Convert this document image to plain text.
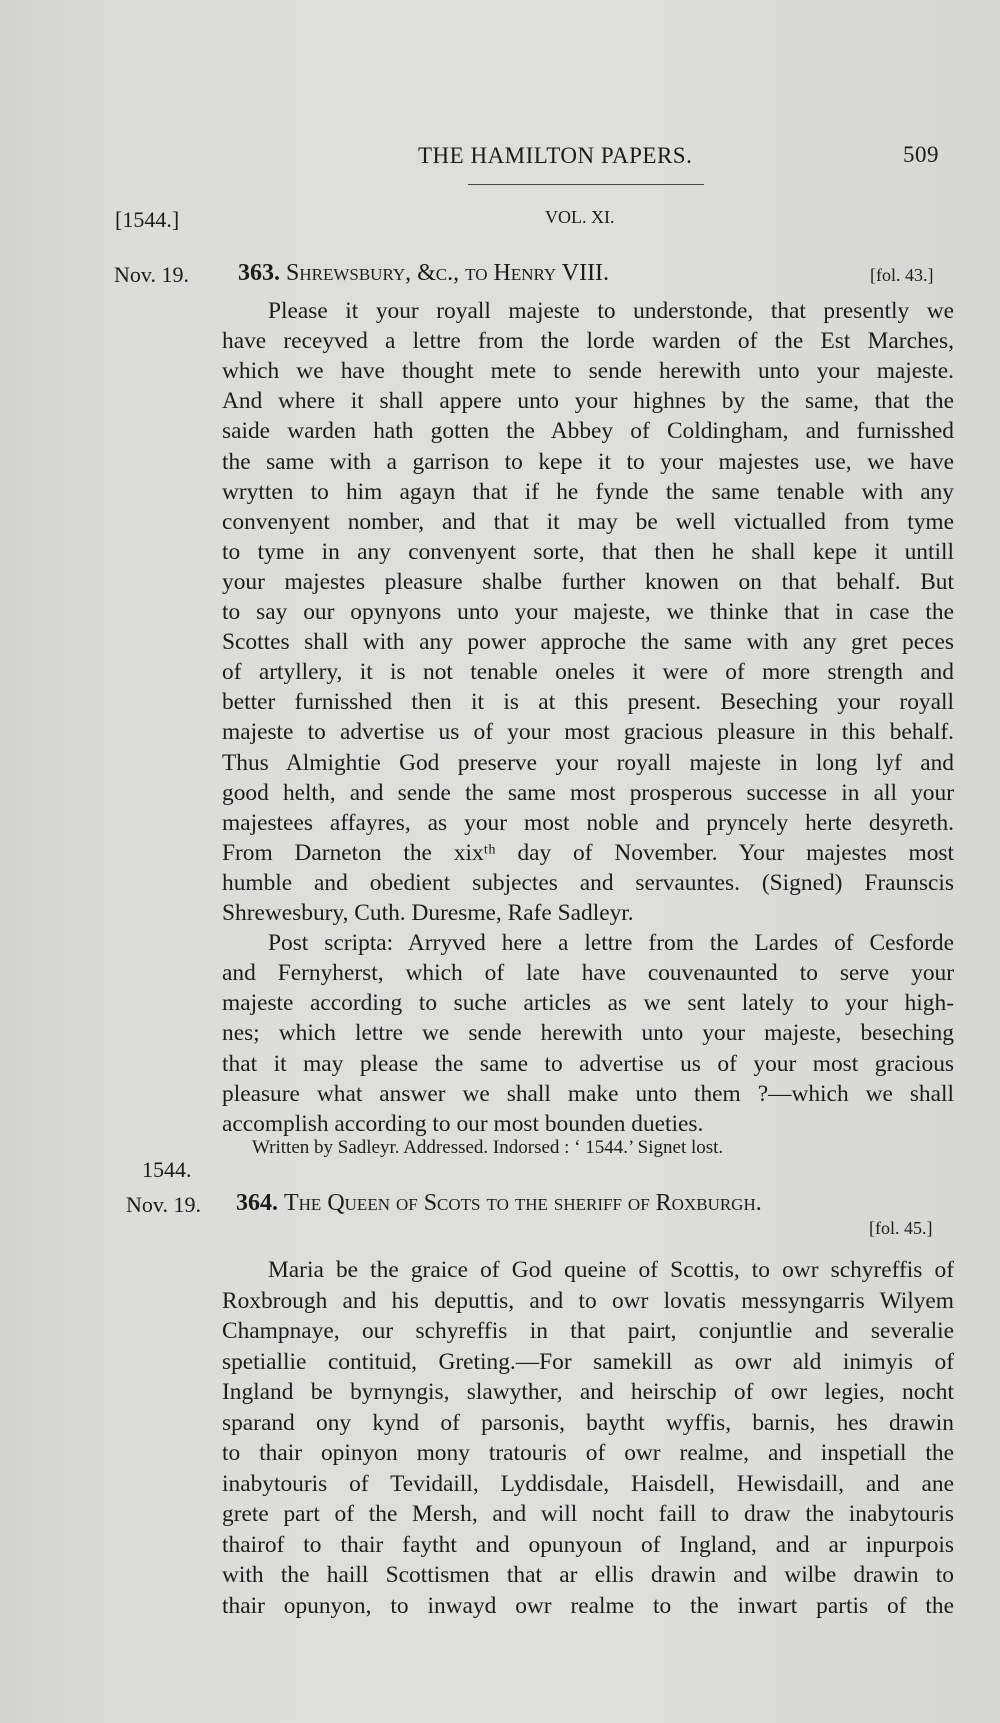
THE HAMILTON PAPERS.	509
[1544.]	VOL. XI.
Nov. 19. 363. Shrewsbury, &c., to Henry VIII.	[fol. 43.]
Please it your royall majeste to understonde, that presently we
have receyved a lettre from the lorde warden of the Est Marches,
which we have thought mete to sende herewith unto your majeste.
And where it shall appere unto your highnes by the same, that the
saide warden hath gotten the Abbey of Coldingham, and furnisshed
the same with a garrison to kepe it to your majestes use, we have
wrytten to him agayn that if he fynde the same tenable with any
convenyent nomber, and that it may be well victualled from tyme
to tyme in any convenyent sorte, that then he shall kepe it untill
your majestes pleasure shalbe further knowen on that behalf. But
to say our opynyons unto your majeste, we thinke that in case the
Scottes shall with any power approche the same with any gret peces
of artyllery, it is not tenable oneles it were of more strength and
better furnisshed then it is at this present. Beseching your royall
majeste to advertise us of your most gracious pleasure in this behalf.
Thus Almightie God preserve your royall majeste in long lyf and
good helth, and sende the same most prosperous successe in all your
majestees affayres, as your most noble and pryncely herte desyreth.
From Darneton the xixᵗʰ day of November. Your majestes most
humble and obedient subjectes and servauntes. (Signed) Fraunscis
Shrewesbury, Cuth. Duresme, Rafe Sadleyr.
Post scripta: Arryved here a lettre from the Lardes of Cesforde
and Fernyherst, which of late have couvenaunted to serve your
majeste according to suche articles as we sent lately to your high-
nes; which lettre we sende herewith unto your majeste, beseching
that it may please the same to advertise us of your most gracious
pleasure what answer we shall make unto them ?—which we shall
accomplish according to our most bounden dueties.
Written by Sadleyr. Addressed. Indorsed : ‘ 1544.’ Signet lost.
1544.
Nov. 19. 364. The Queen of Scots to the sheriff of Roxburgh.
[fol. 45.]
Maria be the graice of God queine of Scottis, to owr schyreffis of
Roxbrough and his deputtis, and to owr lovatis messyngarris Wilyem
Champnaye, our schyreffis in that pairt, conjuntlie and severalie
spetiallie contituid, Greting.—For samekill as owr ald inimyis of
Ingland be byrnyngis, slawyther, and heirschip of owr legies, nocht
sparand ony kynd of parsonis, baytht wyffis, barnis, hes drawin
to thair opinyon mony tratouris of owr realme, and inspetiall the
inabytouris of Tevidaill, Lyddisdale, Haisdell, Hewisdaill, and ane
grete part of the Mersh, and will nocht faill to draw the inabytouris
thairof to thair faytht and opunyoun of Ingland, and ar inpurpois
with the haill Scottismen that ar ellis drawin and wilbe drawin to
thair opunyon, to inwayd owr realme to the inwart partis of the
